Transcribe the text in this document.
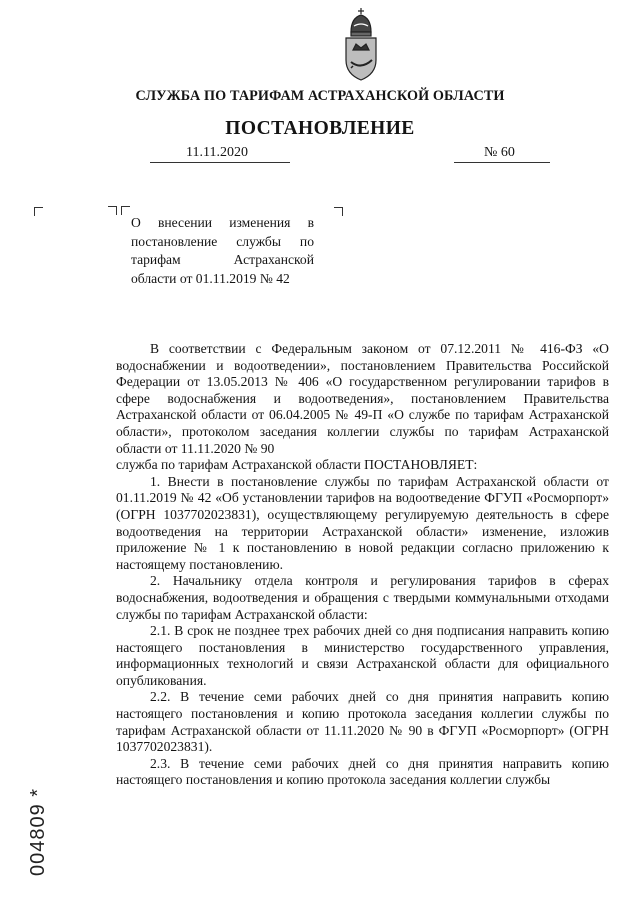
СЛУЖБА ПО ТАРИФАМ АСТРАХАНСКОЙ ОБЛАСТИ
ПОСТАНОВЛЕНИЕ
11.11.2020	№ 60
О внесении изменения в
постановление службы по
тарифам Астраханской
области от 01.11.2019 № 42

В соответствии с Федеральным законом от 07.12.2011 № 416-ФЗ «О водоснабжении и водоотведении», постановлением Правительства Российской Федерации от 13.05.2013 № 406 «О государственном регулировании тарифов в сфере водоснабжения и водоотведения», постановлением Правительства Астраханской области от 06.04.2005 № 49-П «О службе по тарифам Астраханской области», протоколом заседания коллегии службы по тарифам Астраханской области от 11.11.2020 № 90

служба по тарифам Астраханской области ПОСТАНОВЛЯЕТ:

1. Внести в постановление службы по тарифам Астраханской области от 01.11.2019 № 42 «Об установлении тарифов на водоотведение ФГУП «Росморпорт» (ОГРН 1037702023831), осуществляющему регулируемую деятельность в сфере водоотведения на территории Астраханской области» изменение, изложив приложение № 1 к постановлению в новой редакции согласно приложению к настоящему постановлению.

2. Начальнику отдела контроля и регулирования тарифов в сферах водоснабжения, водоотведения и обращения с твердыми коммунальными отходами службы по тарифам Астраханской области:

2.1. В срок не позднее трех рабочих дней со дня подписания направить копию настоящего постановления в министерство государственного управления, информационных технологий и связи Астраханской области для официального опубликования.

2.2. В течение семи рабочих дней со дня принятия направить копию настоящего постановления и копию протокола заседания коллегии службы по тарифам Астраханской области от 11.11.2020 № 90 в ФГУП «Росморпорт» (ОГРН 1037702023831).

2.3. В течение семи рабочих дней со дня принятия направить копию настоящего постановления и копию протокола заседания коллегии службы

004809 *
